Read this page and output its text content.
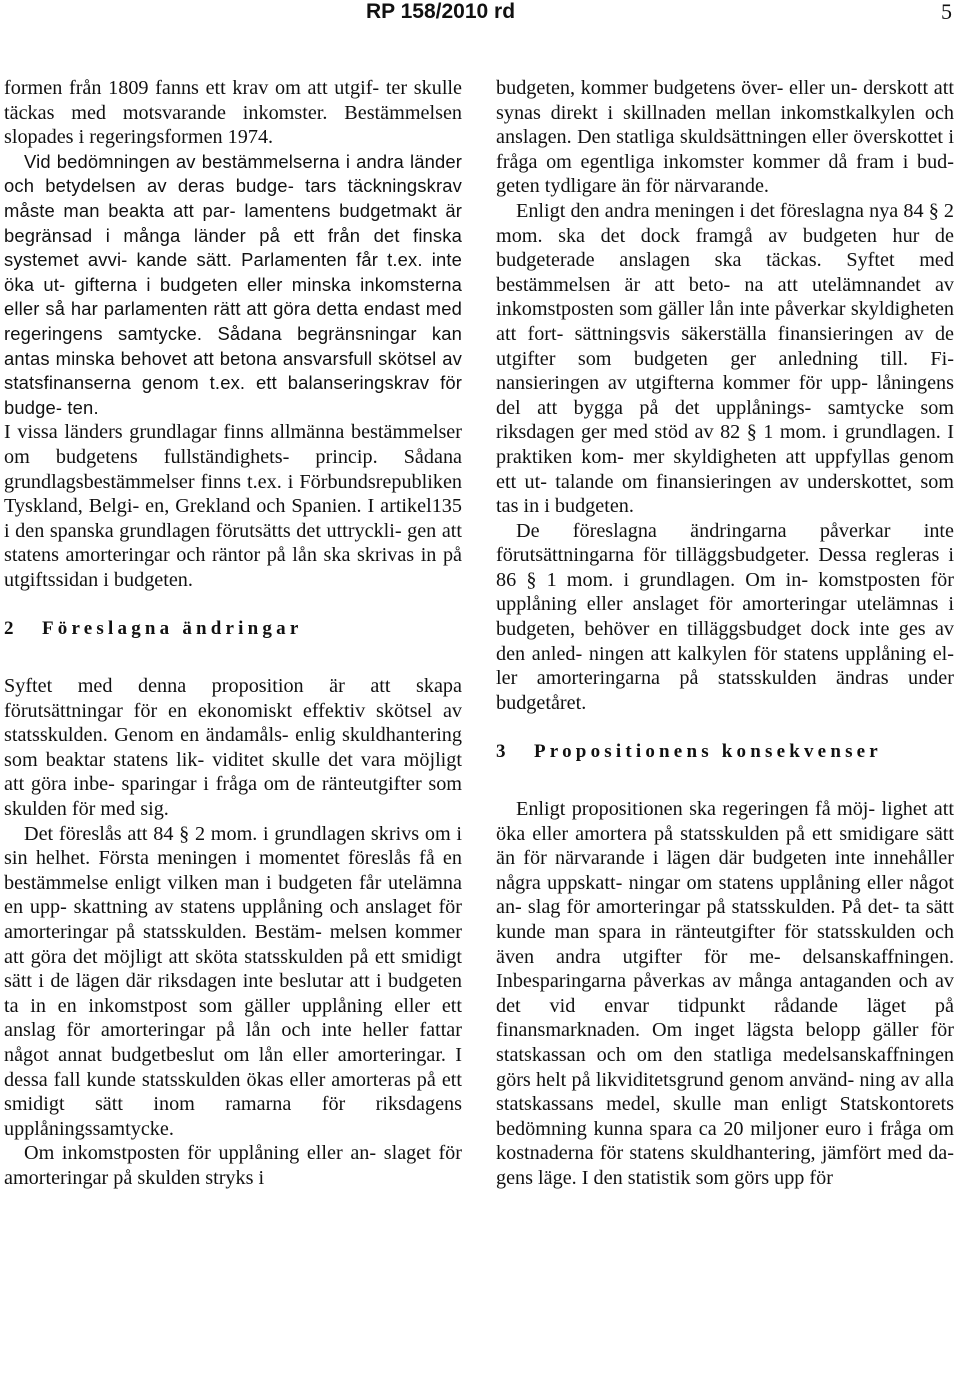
RP 158/2010 rd	5

formen från 1809 fanns ett krav om att utgif- ter skulle täckas med motsvarande inkomster. Bestämmelsen slopades i regeringsformen 1974.

Vid bedömningen av bestämmelserna i andra länder och betydelsen av deras budge- tars täckningskrav måste man beakta att par- lamentens budgetmakt är begränsad i många länder på ett från det finska systemet avvi- kande sätt. Parlamenten får t.ex. inte öka ut- gifterna i budgeten eller minska inkomsterna eller så har parlamenten rätt att göra detta endast med regeringens samtycke. Sådana begränsningar kan antas minska behovet att betona ansvarsfull skötsel av statsfinanserna genom t.ex. ett balanseringskrav för budge- ten.

I vissa länders grundlagar finns allmänna bestämmelser om budgetens fullständighets- princip. Sådana grundlagsbestämmelser finns t.ex. i Förbundsrepubliken Tyskland, Belgi- en, Grekland och Spanien. I artikel135 i den spanska grundlagen förutsätts det uttryckli- gen att statens amorteringar och räntor på lån ska skrivas in på utgiftssidan i budgeten.

2 Föreslagna ändringar

Syftet med denna proposition är att skapa förutsättningar för en ekonomiskt effektiv skötsel av statsskulden. Genom en ändamåls- enlig skuldhantering som beaktar statens lik- viditet skulle det vara möjligt att göra inbe- sparingar i fråga om de ränteutgifter som skulden för med sig.

Det föreslås att 84 § 2 mom. i grundlagen skrivs om i sin helhet. Första meningen i momentet föreslås få en bestämmelse enligt vilken man i budgeten får utelämna en upp- skattning av statens upplåning och anslaget för amorteringar på statsskulden. Bestäm- melsen kommer att göra det möjligt att sköta statsskulden på ett smidigt sätt i de lägen där riksdagen inte beslutar att i budgeten ta in en inkomstpost som gäller upplåning eller ett anslag för amorteringar på lån och inte heller fattar något annat budgetbeslut om lån eller amorteringar. I dessa fall kunde statsskulden ökas eller amorteras på ett smidigt sätt inom ramarna för riksdagens upplåningssamtycke.

Om inkomstposten för upplåning eller an- slaget för amorteringar på skulden stryks i

budgeten, kommer budgetens över- eller un- derskott att synas direkt i skillnaden mellan inkomstkalkylen och anslagen. Den statliga skuldsättningen eller överskottet i fråga om egentliga inkomster kommer då fram i bud- geten tydligare än för närvarande.

Enligt den andra meningen i det föreslagna nya 84 § 2 mom. ska det dock framgå av budgeten hur de budgeterade anslagen ska täckas. Syftet med bestämmelsen är att beto- na att utelämnandet av inkomstposten som gäller lån inte påverkar skyldigheten att fort- sättningsvis säkerställa finansieringen av de utgifter som budgeten ger anledning till. Fi- nansieringen av utgifterna kommer för upp- låningens del att bygga på det upplånings- samtycke som riksdagen ger med stöd av 82 § 1 mom. i grundlagen. I praktiken kom- mer skyldigheten att uppfyllas genom ett ut- talande om finansieringen av underskottet, som tas in i budgeten.

De föreslagna ändringarna påverkar inte förutsättningarna för tilläggsbudgeter. Dessa regleras i 86 § 1 mom. i grundlagen. Om in- komstposten för upplåning eller anslaget för amorteringar utelämnas i budgeten, behöver en tilläggsbudget dock inte ges av den anled- ningen att kalkylen för statens upplåning el- ler amorteringarna på statsskulden ändras under budgetåret.

3 Propositionens konsekvenser

Enligt propositionen ska regeringen få möj- lighet att öka eller amortera på statsskulden på ett smidigare sätt än för närvarande i lägen där budgeten inte innehåller några uppskatt- ningar om statens upplåning eller något an- slag för amorteringar på statsskulden. På det- ta sätt kunde man spara in ränteutgifter för statsskulden och även andra utgifter för me- delsanskaffningen. Inbesparingarna påverkas av många antaganden och av det vid envar tidpunkt rådande läget på finansmarknaden. Om inget lägsta belopp gäller för statskassan och om den statliga medelsanskaffningen görs helt på likviditetsgrund genom använd- ning av alla statskassans medel, skulle man enligt Statskontorets bedömning kunna spara ca 20 miljoner euro i fråga om kostnaderna för statens skuldhantering, jämfört med da- gens läge. I den statistik som görs upp för
